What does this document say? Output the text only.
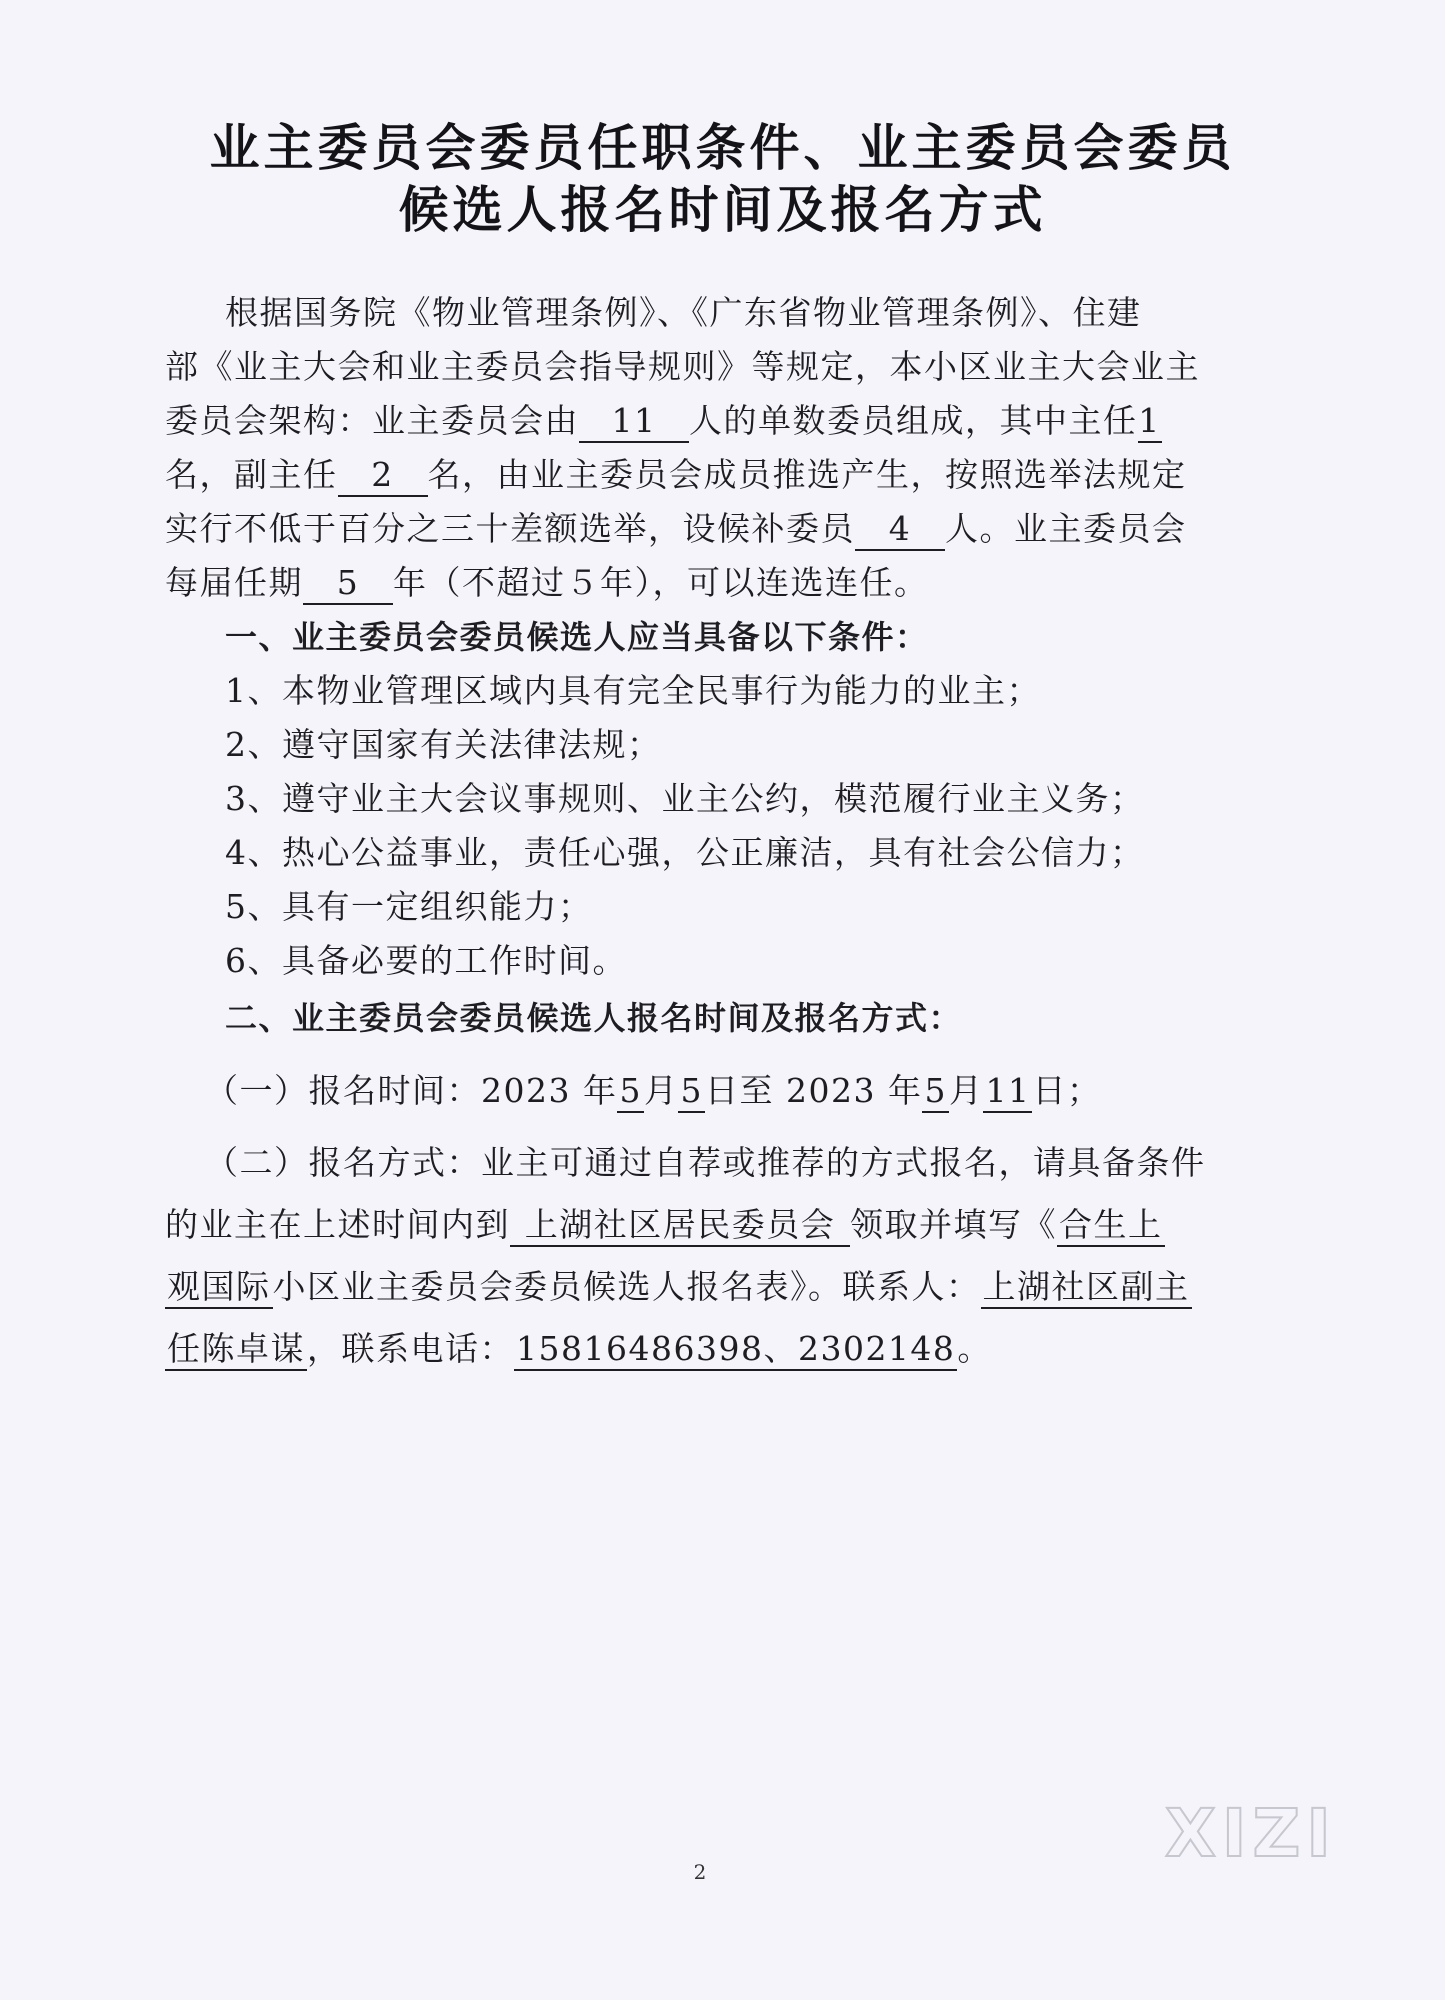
业主委员会委员任职条件、业主委员会委员
候选人报名时间及报名方式

根据国务院《物业管理条例》、《广东省物业管理条例》、住建

部《业主大会和业主委员会指导规则》等规定，本小区业主大会业主

委员会架构：业主委员会由 11 人的单数委员组成，其中主任1

名，副主任 2 名，由业主委员会成员推选产生，按照选举法规定

实行不低于百分之三十差额选举，设候补委员 4 人。业主委员会

每届任期 5 年（不超过５年），可以连选连任。

一、业主委员会委员候选人应当具备以下条件：

1、本物业管理区域内具有完全民事行为能力的业主；

2、遵守国家有关法律法规；

3、遵守业主大会议事规则、业主公约，模范履行业主义务；

4、热心公益事业，责任心强，公正廉洁，具有社会公信力；

5、具有一定组织能力；

6、具备必要的工作时间。

二、业主委员会委员候选人报名时间及报名方式：

（一）报名时间：2023 年5月5日至 2023 年5月11日；

（二）报名方式：业主可通过自荐或推荐的方式报名，请具备条件

的业主在上述时间内到 上湖社区居民委员会 领取并填写《合生上

观国际小区业主委员会委员候选人报名表》。联系人：上湖社区副主

任陈卓谋，联系电话：15816486398、2302148。

XIZI
2
